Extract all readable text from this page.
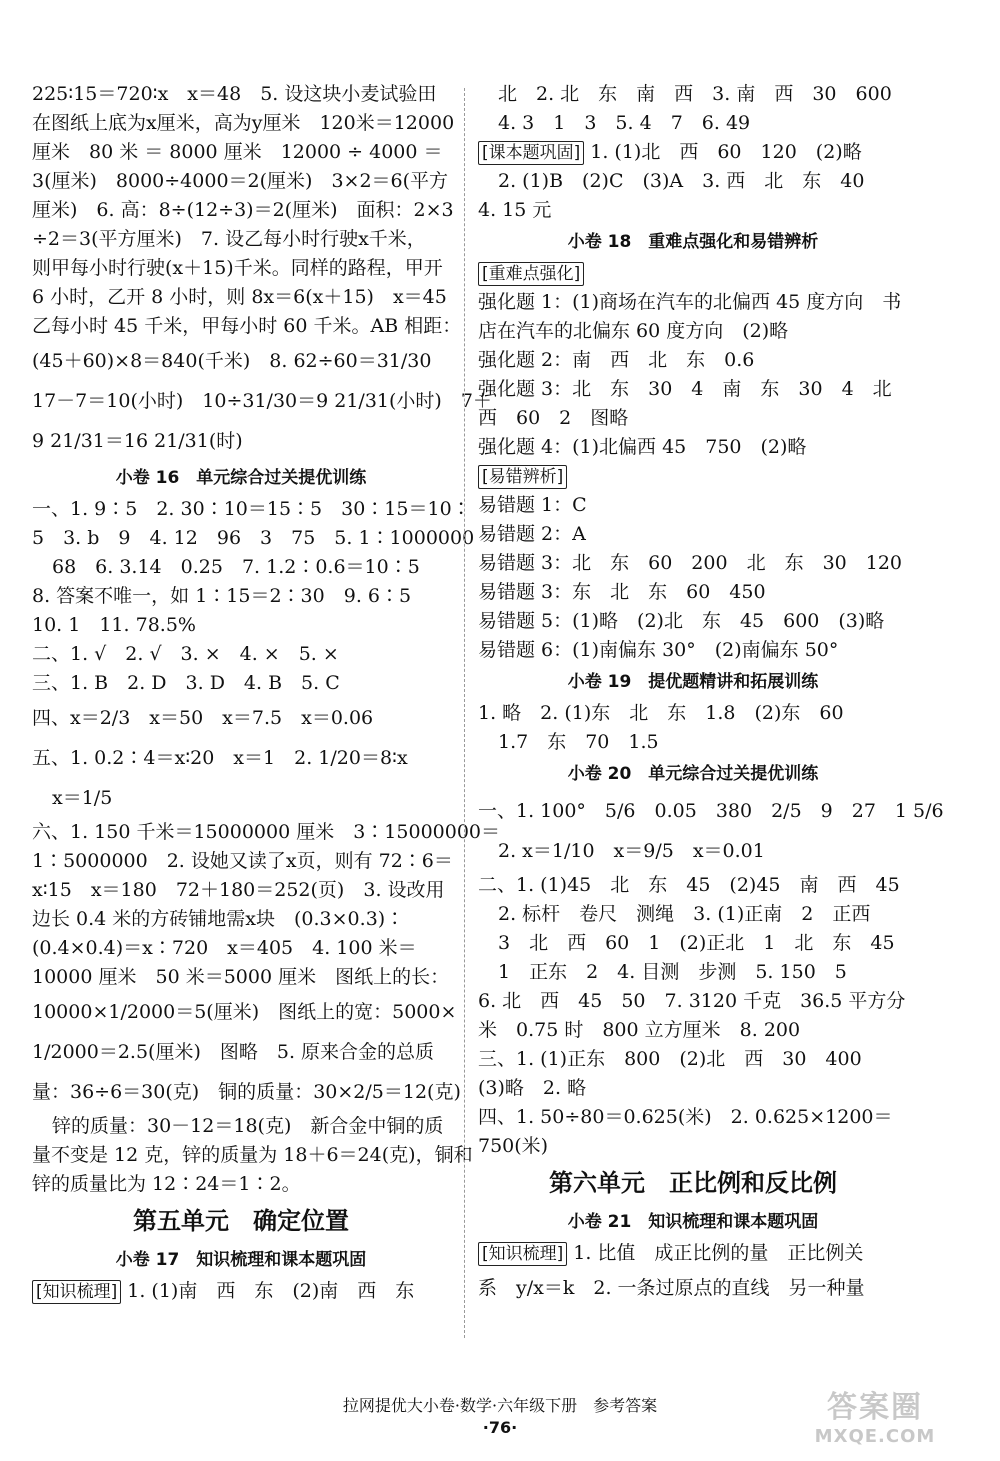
225∶15＝720∶x　x＝48　5. 设这块小麦试验田
在图纸上底为x厘米，高为y厘米　120米＝12000
厘米　80 米 ＝ 8000 厘米　12000 ÷ 4000 ＝
3(厘米)　8000÷4000＝2(厘米)　3×2＝6(平方
厘米)　6. 高：8÷(12÷3)＝2(厘米)　面积：2×3
÷2＝3(平方厘米)　7. 设乙每小时行驶x千米，
则甲每小时行驶(x＋15)千米。同样的路程，甲开
6 小时，乙开 8 小时，则 8x＝6(x＋15)　x＝45
乙每小时 45 千米，甲每小时 60 千米。AB 相距：
(45＋60)×8＝840(千米)　8. 62÷60＝31/30
17－7＝10(小时)　10÷31/30＝9 21/31(小时)　7＋
9 21/31＝16 21/31(时)
小卷 16　单元综合过关提优训练
一、1. 9∶5　2. 30∶10＝15∶5　30∶15＝10∶
5　3. b　9　4. 12　96　3　75　5. 1∶1000000
68　6. 3.14　0.25　7. 1.2∶0.6＝10∶5
8. 答案不唯一，如 1∶15＝2∶30　9. 6∶5
10. 1　11. 78.5%
二、1. √　2. √　3. ×　4. ×　5. ×
三、1. B　2. D　3. D　4. B　5. C
四、x＝2/3　x＝50　x＝7.5　x＝0.06
五、1. 0.2∶4＝x∶20　x＝1　2. 1/20＝8∶x
x＝1/5
六、1. 150 千米＝15000000 厘米　3∶15000000＝
1∶5000000　2. 设她又读了x页，则有 72∶6＝
x∶15　x＝180　72＋180＝252(页)　3. 设改用
边长 0.4 米的方砖铺地需x块　(0.3×0.3)∶
(0.4×0.4)＝x∶720　x＝405　4. 100 米＝
10000 厘米　50 米＝5000 厘米　图纸上的长：
10000×1/2000＝5(厘米)　图纸上的宽：5000×
1/2000＝2.5(厘米)　图略　5. 原来合金的总质
量：36÷6＝30(克)　铜的质量：30×2/5＝12(克)
锌的质量：30－12＝18(克)　新合金中铜的质
量不变是 12 克，锌的质量为 18＋6＝24(克)，铜和
锌的质量比为 12∶24＝1∶2。
第五单元　确定位置
小卷 17　知识梳理和课本题巩固
[知识梳理] 1. (1)南　西　东　(2)南　西　东
北　2. 北　东　南　西　3. 南　西　30　600
4. 3　1　3　5. 4　7　6. 49
[课本题巩固] 1. (1)北　西　60　120　(2)略
2. (1)B　(2)C　(3)A　3. 西　北　东　40
4. 15 元
小卷 18　重难点强化和易错辨析
[重难点强化]
强化题 1：(1)商场在汽车的北偏西 45 度方向　书
店在汽车的北偏东 60 度方向　(2)略
强化题 2：南　西　北　东　0.6
强化题 3：北　东　30　4　南　东　30　4　北
西　60　2　图略
强化题 4：(1)北偏西 45　750　(2)略
[易错辨析]
易错题 1：C
易错题 2：A
易错题 3：北　东　60　200　北　东　30　120
易错题 3：东　北　东　60　450
易错题 5：(1)略　(2)北　东　45　600　(3)略
易错题 6：(1)南偏东 30°　(2)南偏东 50°
小卷 19　提优题精讲和拓展训练
1. 略　2. (1)东　北　东　1.8　(2)东　60
1.7　东　70　1.5
小卷 20　单元综合过关提优训练
一、1. 100°　5/6　0.05　380　2/5　9　27　1 5/6
2. x＝1/10　x＝9/5　x＝0.01
二、1. (1)45　北　东　45　(2)45　南　西　45
2. 标杆　卷尺　测绳　3. (1)正南　2　正西
3　北　西　60　1　(2)正北　1　北　东　45
1　正东　2　4. 目测　步测　5. 150　5
6. 北　西　45　50　7. 3120 千克　36.5 平方分
米　0.75 时　800 立方厘米　8. 200
三、1. (1)正东　800　(2)北　西　30　400
(3)略　2. 略
四、1. 50÷80＝0.625(米)　2. 0.625×1200＝
750(米)
第六单元　正比例和反比例
小卷 21　知识梳理和课本题巩固
[知识梳理] 1. 比值　成正比例的量　正比例关
系　y/x＝k　2. 一条过原点的直线　另一种量
拉网提优大小卷·数学·六年级下册　参考答案
·76·
答案圈
MXQE.COM
